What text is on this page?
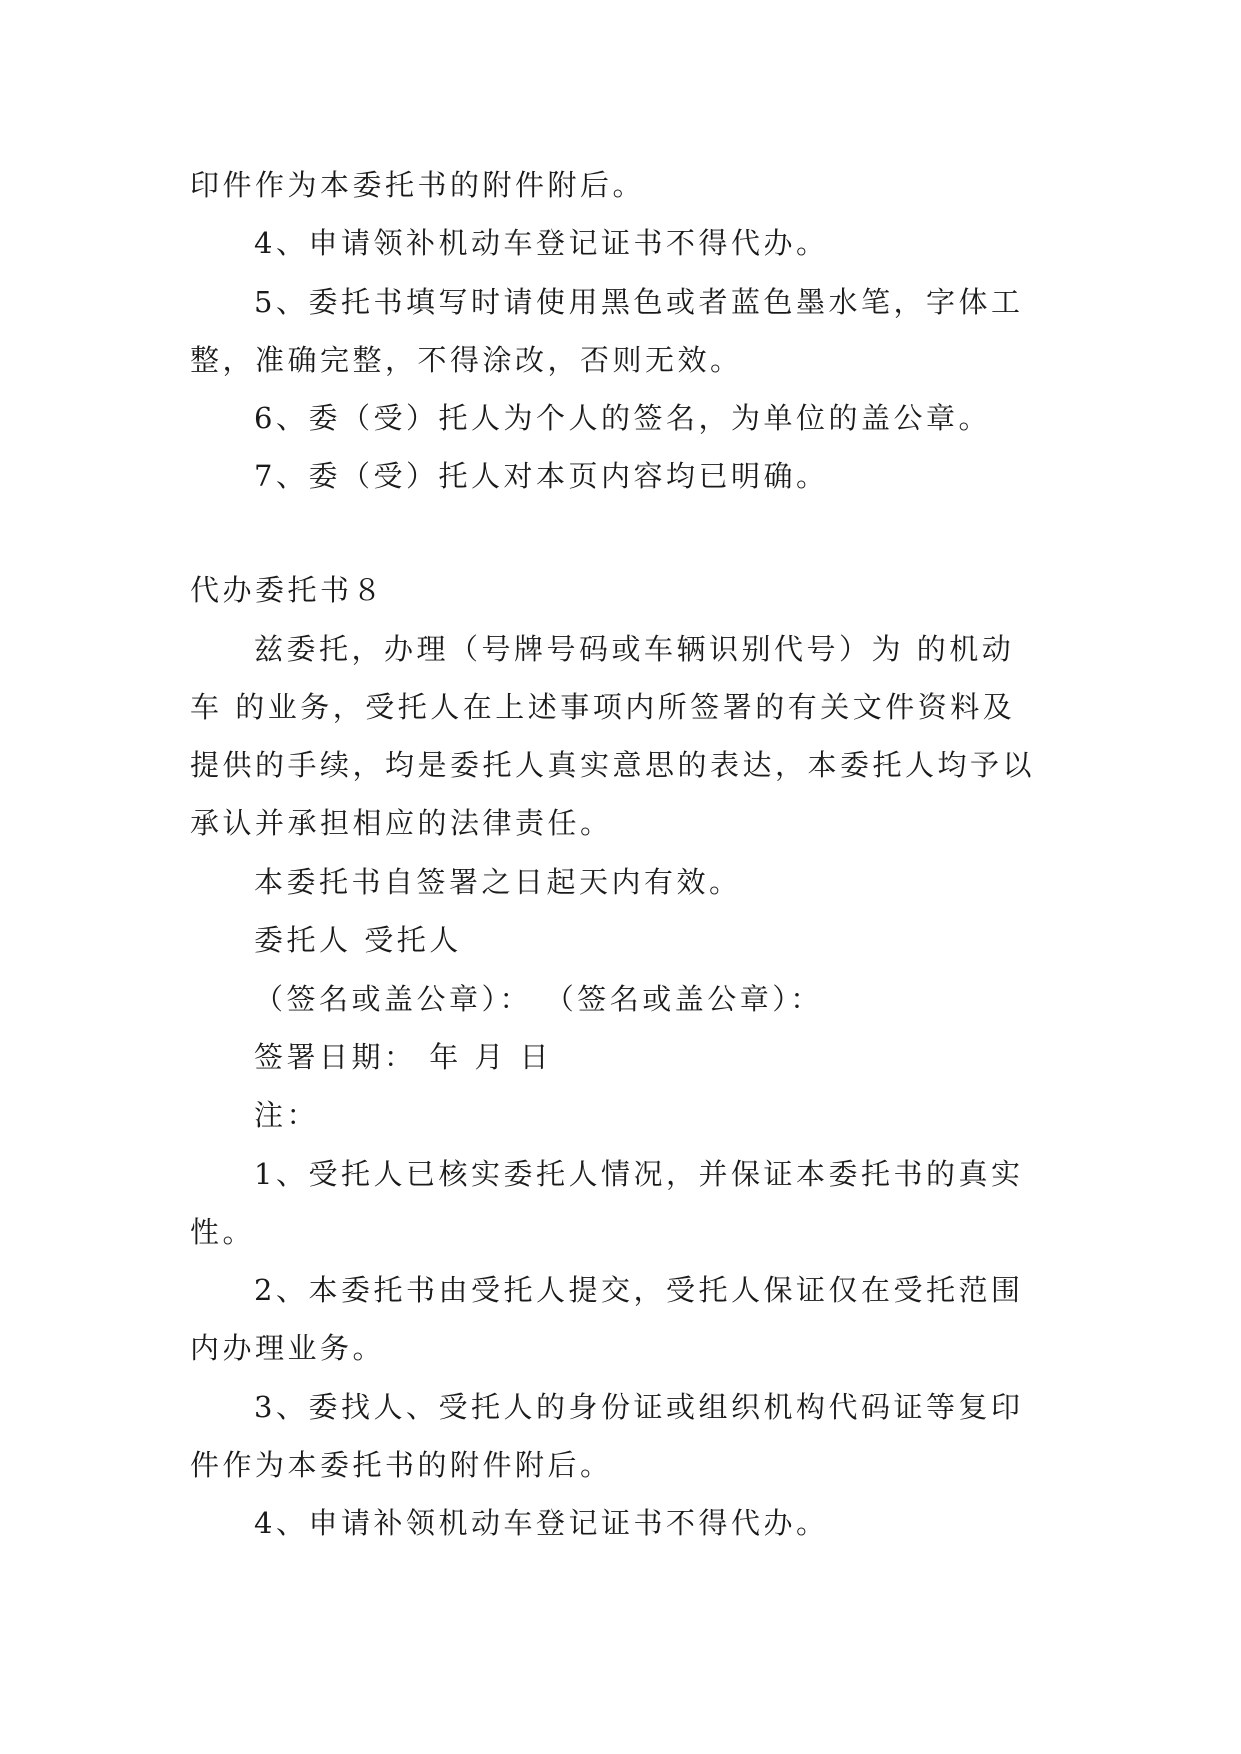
印件作为本委托书的附件附后。
4、申请领补机动车登记证书不得代办。
5、委托书填写时请使用黑色或者蓝色墨水笔，字体工
整，准确完整，不得涂改，否则无效。
6、委（受）托人为个人的签名，为单位的盖公章。
7、委（受）托人对本页内容均已明确。
代办委托书８
兹委托，办理（号牌号码或车辆识别代号）为 的机动
车 的业务，受托人在上述事项内所签署的有关文件资料及
提供的手续，均是委托人真实意思的表达，本委托人均予以
承认并承担相应的法律责任。
本委托书自签署之日起天内有效。
委托人 受托人
（签名或盖公章）： （签名或盖公章）：
签署日期： 年 月 日
注：
1、受托人已核实委托人情况，并保证本委托书的真实
性。
2、本委托书由受托人提交，受托人保证仅在受托范围
内办理业务。
3、委找人、受托人的身份证或组织机构代码证等复印
件作为本委托书的附件附后。
4、申请补领机动车登记证书不得代办。
